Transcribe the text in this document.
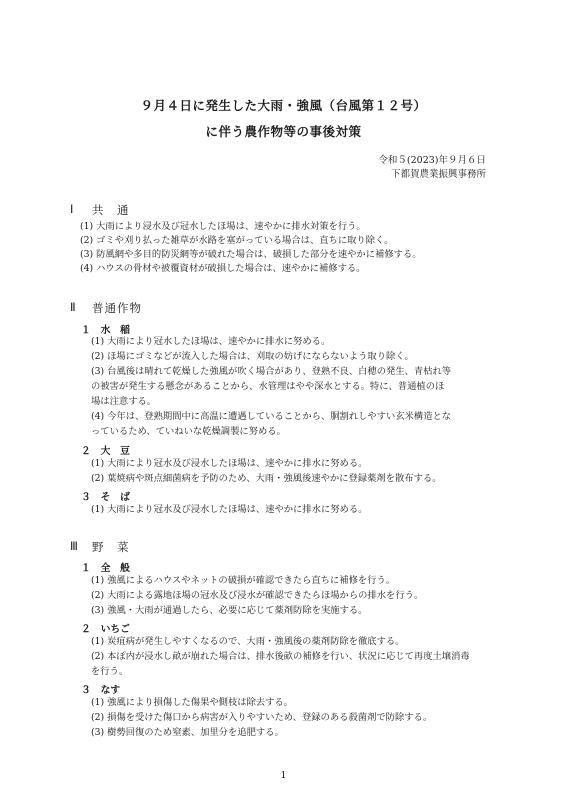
９月４日に発生した大雨・強風（台風第１２号）
に伴う農作物等の事後対策
令和５(2023)年９月６日
下都賀農業振興事務所
Ⅰ 共　通
(1) 大雨により浸水及び冠水したほ場は、速やかに排水対策を行う。
(2) ゴミや刈り払った雑草が水路を塞がっている場合は、直ちに取り除く。
(3) 防風網や多目的防災網等が破れた場合は、破損した部分を速やかに補修する。
(4) ハウスの骨材や被覆資材が破損した場合は、速やかに補修する。
Ⅱ 普通作物
１　水　稲
(1) 大雨により冠水したほ場は、速やかに排水に努める。
(2) ほ場にゴミなどが流入した場合は、刈取の妨げにならないよう取り除く。
(3) 台風後は晴れて乾燥した強風が吹く場合があり、登熟不良、白穂の発生、青枯れ等
の被害が発生する懸念があることから、水管理はやや深水とする。特に、普通植のほ
場は注意する。
(4) 今年は、登熟期間中に高温に遭遇していることから、胴割れしやすい玄米構造とな
っているため、ていねいな乾燥調製に努める。
２　大　豆
(1) 大雨により冠水及び浸水したほ場は、速やかに排水に努める。
(2) 葉焼病や斑点細菌病を予防のため、大雨・強風後速やかに登録薬剤を散布する。
３　そ　ば
(1) 大雨により冠水及び浸水したほ場は、速やかに排水に努める。
Ⅲ 野　菜
１　全　般
(1) 強風によるハウスやネットの破損が確認できたら直ちに補修を行う。
(2) 大雨による露地ほ場の冠水及び浸水が確認できたらほ場からの排水を行う。
(3) 強風・大雨が通過したら、必要に応じて薬剤防除を実施する。
２　いちご
(1) 炭疽病が発生しやすくなるので、大雨・強風後の薬剤防除を徹底する。
(2) 本ぽ内が浸水し畝が崩れた場合は、排水後畝の補修を行い、状況に応じて再度土壌消毒
を行う。
３　なす
(1) 強風により損傷した傷果や側枝は除去する。
(2) 損傷を受けた傷口から病害が入りやすいため、登録のある殺菌剤で防除する。
(3) 樹勢回復のため窒素、加里分を追肥する。
1
